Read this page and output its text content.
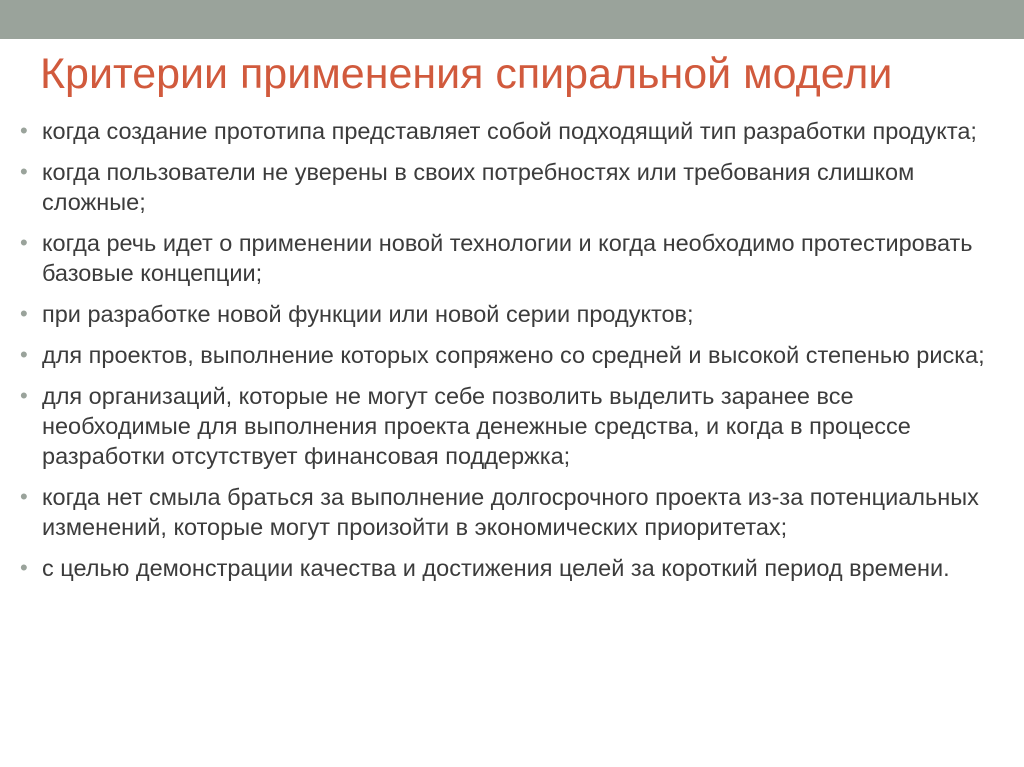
Критерии применения спиральной модели
• когда создание прототипа представляет собой подходящий тип разработки продукта;
• когда пользователи не уверены в своих потребностях или требования слишком сложные;
• когда речь идет о применении новой технологии и когда необходимо протестировать базовые концепции;
• при разработке новой функции или новой серии продуктов;
• для проектов, выполнение которых сопряжено со средней и высокой степенью риска;
• для организаций, которые не могут себе позволить выделить заранее все необходимые для выполнения проекта денежные средства, и когда в процессе разработки отсутствует финансовая поддержка;
• когда нет смыла браться за выполнение долгосрочного проекта из-за потенциальных изменений, которые могут произойти в экономических приоритетах;
• с целью демонстрации качества и достижения целей за короткий период времени.
